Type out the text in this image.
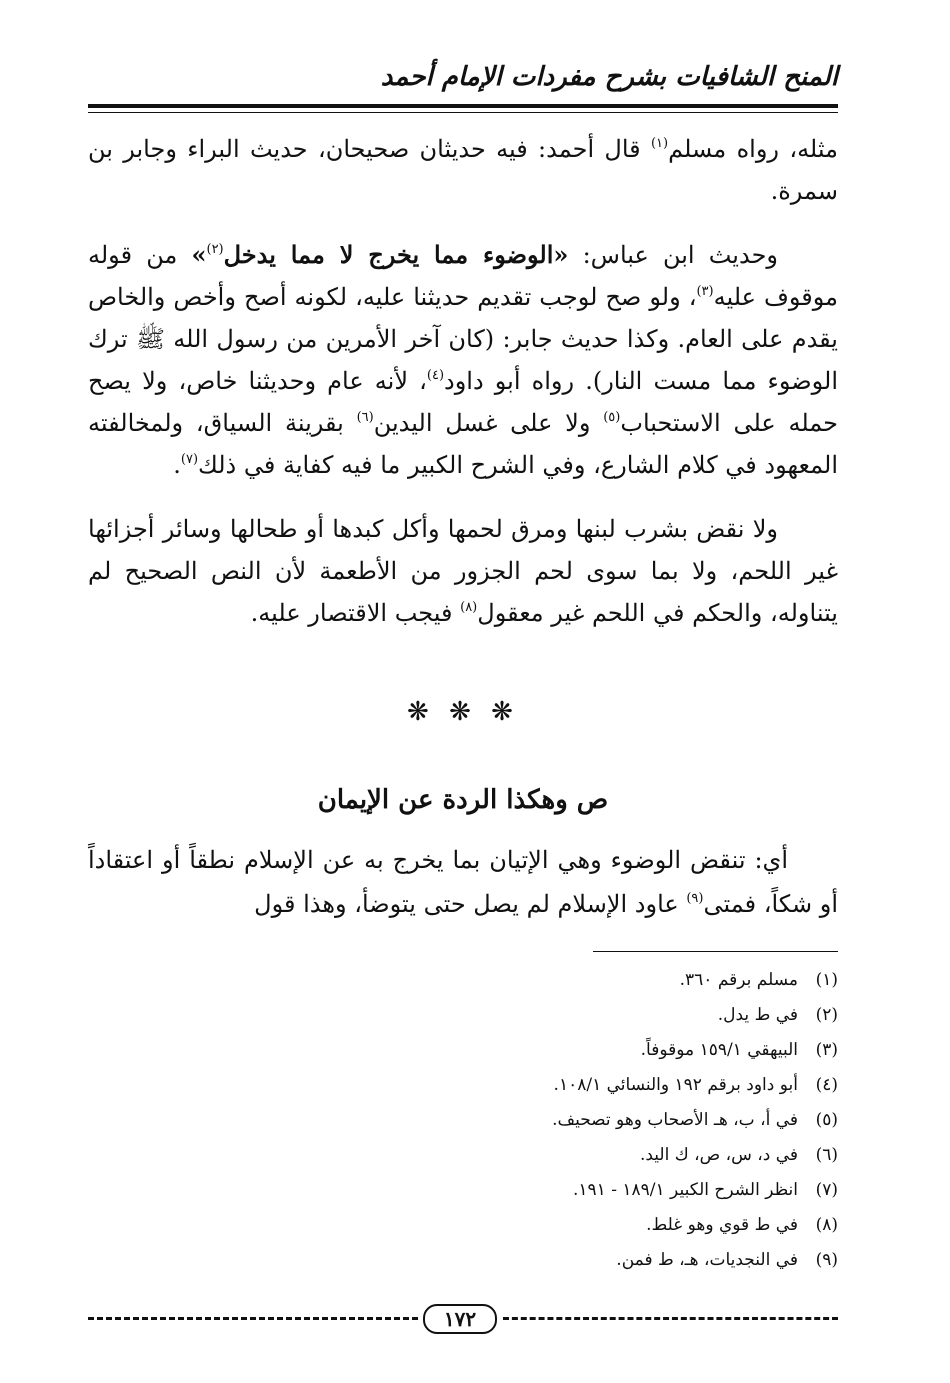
المنح الشافيات بشرح مفردات الإمام أحمد

مثله، رواه مسلم$^{(١)}$ قال أحمد: فيه حديثان صحيحان، حديث البراء وجابر بن سمرة.

وحديث ابن عباس: «الوضوء مما يخرج لا مما يدخل$^{(٢)}$» من قوله موقوف عليه$^{(٣)}$، ولو صح لوجب تقديم حديثنا عليه، لكونه أصح وأخص والخاص يقدم على العام. وكذا حديث جابر: (كان آخر الأمرين من رسول الله ﷺ ترك الوضوء مما مست النار). رواه أبو داود$^{(٤)}$، لأنه عام وحديثنا خاص، ولا يصح حمله على الاستحباب$^{(٥)}$ ولا على غسل اليدين$^{(٦)}$ بقرينة السياق، ولمخالفته المعهود في كلام الشارع، وفي الشرح الكبير ما فيه كفاية في ذلك$^{(٧)}$.

ولا نقض بشرب لبنها ومرق لحمها وأكل كبدها أو طحالها وسائر أجزائها غير اللحم، ولا بما سوى لحم الجزور من الأطعمة لأن النص الصحيح لم يتناوله، والحكم في اللحم غير معقول$^{(٨)}$ فيجب الاقتصار عليه.

❋ ❋ ❋
ص وهكذا الردة عن الإيمان

أي: تنقض الوضوء وهي الإتيان بما يخرج به عن الإسلام نطقاً أو اعتقاداً أو شكاً، فمتى$^{(٩)}$ عاود الإسلام لم يصل حتى يتوضأ، وهذا قول

(١)مسلم برقم ٣٦٠.
(٢)في ط يدل.
(٣)البيهقي ١٥٩/١ موقوفاً.
(٤)أبو داود برقم ١٩٢ والنسائي ١٠٨/١.
(٥)في أ، ب، هـ الأصحاب وهو تصحيف.
(٦)في د، س، ص، ك اليد.
(٧)انظر الشرح الكبير ١٨٩/١ - ١٩١.
(٨)في ط قوي وهو غلط.
(٩)في النجديات، هـ، ط فمن.
١٧٢
